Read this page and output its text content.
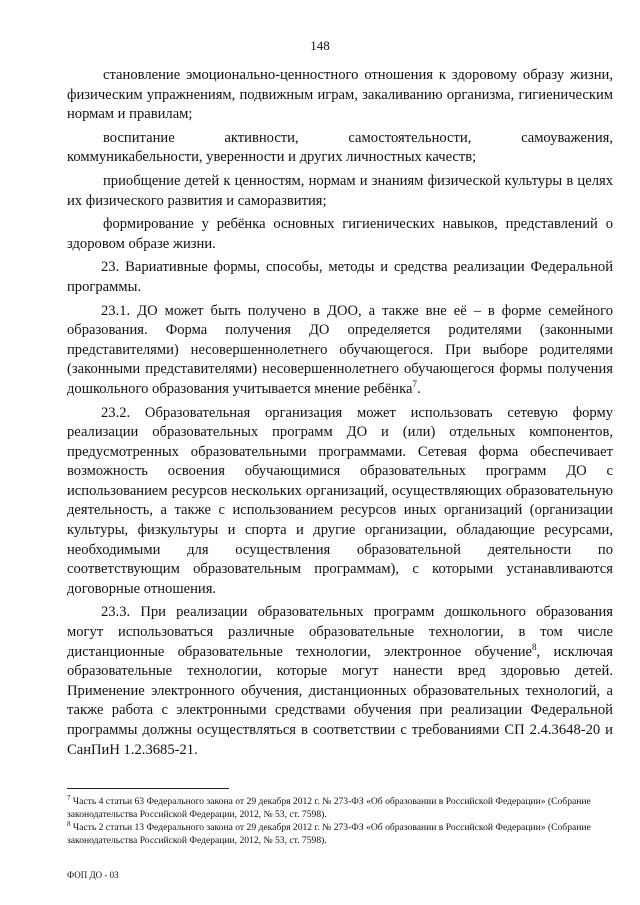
148

становление эмоционально-ценностного отношения к здоровому образу жизни, физическим упражнениям, подвижным играм, закаливанию организма, гигиеническим нормам и правилам;

воспитание активности, самостоятельности, самоуважения, коммуникабельности, уверенности и других личностных качеств;

приобщение детей к ценностям, нормам и знаниям физической культуры в целях их физического развития и саморазвития;

формирование у ребёнка основных гигиенических навыков, представлений о здоровом образе жизни.

23. Вариативные формы, способы, методы и средства реализации Федеральной программы.

23.1. ДО может быть получено в ДОО, а также вне её – в форме семейного образования. Форма получения ДО определяется родителями (законными представителями) несовершеннолетнего обучающегося. При выборе родителями (законными представителями) несовершеннолетнего обучающегося формы получения дошкольного образования учитывается мнение ребёнка$^7$.

23.2. Образовательная организация может использовать сетевую форму реализации образовательных программ ДО и (или) отдельных компонентов, предусмотренных образовательными программами. Сетевая форма обеспечивает возможность освоения обучающимися образовательных программ ДО с использованием ресурсов нескольких организаций, осуществляющих образовательную деятельность, а также с использованием ресурсов иных организаций (организации культуры, физкультуры и спорта и другие организации, обладающие ресурсами, необходимыми для осуществления образовательной деятельности по соответствующим образовательным программам), с которыми устанавливаются договорные отношения.

23.3. При реализации образовательных программ дошкольного образования могут использоваться различные образовательные технологии, в том числе дистанционные образовательные технологии, электронное обучение$^8$, исключая образовательные технологии, которые могут нанести вред здоровью детей. Применение электронного обучения, дистанционных образовательных технологий, а также работа с электронными средствами обучения при реализации Федеральной программы должны осуществляться в соответствии с требованиями СП 2.4.3648-20 и СанПиН 1.2.3685-21.

$^7$ Часть 4 статьи 63 Федерального закона от 29 декабря 2012 г. № 273-ФЗ «Об образовании в Российской Федерации» (Собрание законодательства Российской Федерации, 2012, № 53, ст. 7598).

$^8$ Часть 2 статьи 13 Федерального закона от 29 декабря 2012 г. № 273-ФЗ «Об образовании в Российской Федерации» (Собрание законодательства Российской Федерации, 2012, № 53, ст. 7598).

ФОП ДО - 03
